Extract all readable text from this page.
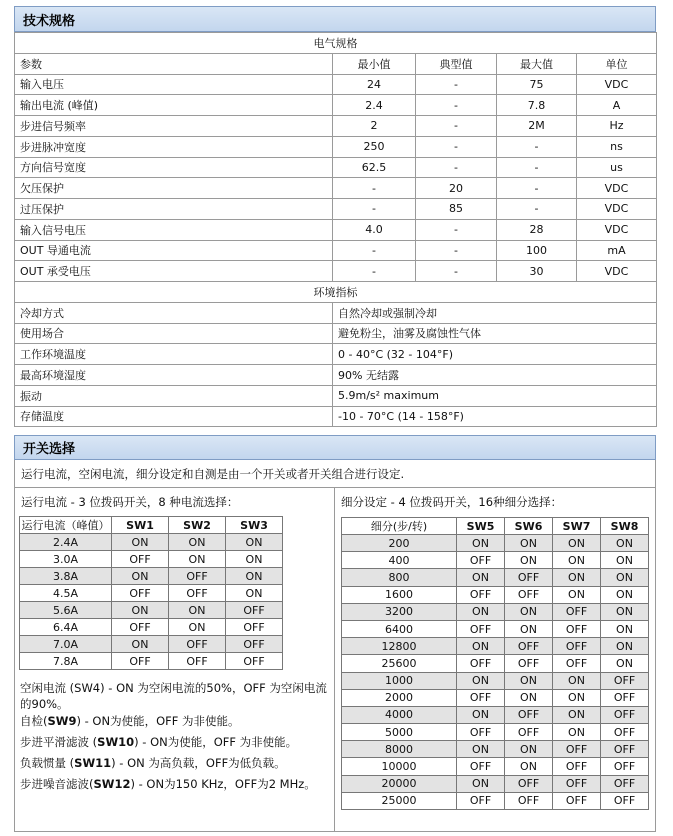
技术规格
电气规格				
参数	最小值	典型值	最大值	单位
输入电压	24	-	75	VDC
输出电流 (峰值)	2.4	-	7.8	A
步进信号频率	2	-	2M	Hz
步进脉冲宽度	250	-	-	ns
方向信号宽度	62.5	-	-	us
欠压保护	-	20	-	VDC
过压保护	-	85	-	VDC
输入信号电压	4.0	-	28	VDC
OUT 导通电流	-	-	100	mA
OUT 承受电压	-	-	30	VDC
环境指标				
冷却方式	自然冷却或强制冷却			
使用场合	避免粉尘，油雾及腐蚀性气体			
工作环境温度	0 - 40°C (32 - 104°F)			
最高环境湿度	90% 无结露			
振动	5.9m/s² maximum			
存储温度	-10 - 70°C (14 - 158°F)			
开关选择
运行电流，空闲电流，细分设定和自测是由一个开关或者开关组合进行设定.
运行电流 - 3 位拨码开关，8 种电流选择：	细分设定 - 4 位拨码开关，16种细分选择：
运行电流（峰值）	SW1	SW2	SW3
2.4A	ON	ON	ON
3.0A	OFF	ON	ON
3.8A	ON	OFF	ON
4.5A	OFF	OFF	ON
5.6A	ON	ON	OFF
6.4A	OFF	ON	OFF
7.0A	ON	OFF	OFF
7.8A	OFF	OFF	OFF
空闲电流 (SW4) - ON 为空闲电流的50%，OFF 为空闲电流的90%。
自检(SW9) - ON为使能，OFF 为非使能。
步进平滑滤波 (SW10) - ON为使能，OFF 为非使能。
负载惯量 (SW11) - ON 为高负载，OFF为低负载。
步进噪音滤波(SW12) - ON为150 KHz，OFF为2 MHz。
细分(步/转)	SW5	SW6	SW7	SW8
200	ON	ON	ON	ON
400	OFF	ON	ON	ON
800	ON	OFF	ON	ON
1600	OFF	OFF	ON	ON
3200	ON	ON	OFF	ON
6400	OFF	ON	OFF	ON
12800	ON	OFF	OFF	ON
25600	OFF	OFF	OFF	ON
1000	ON	ON	ON	OFF
2000	OFF	ON	ON	OFF
4000	ON	OFF	ON	OFF
5000	OFF	OFF	ON	OFF
8000	ON	ON	OFF	OFF
10000	OFF	ON	OFF	OFF
20000	ON	OFF	OFF	OFF
25000	OFF	OFF	OFF	OFF
